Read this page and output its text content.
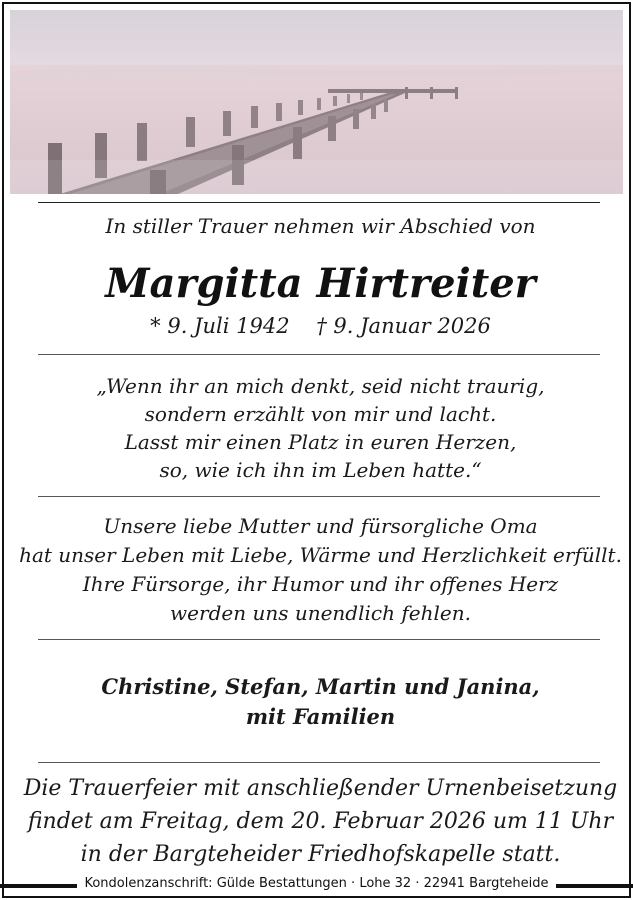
In stiller Trauer nehmen wir Abschied von
Margitta Hirtreiter
* 9. Juli 1942    † 9. Januar 2026
„Wenn ihr an mich denkt, seid nicht traurig,
sondern erzählt von mir und lacht.
Lasst mir einen Platz in euren Herzen,
so, wie ich ihn im Leben hatte.“
Unsere liebe Mutter und fürsorgliche Oma
hat unser Leben mit Liebe, Wärme und Herzlichkeit erfüllt.
Ihre Fürsorge, ihr Humor und ihr offenes Herz
werden uns unendlich fehlen.
Christine, Stefan, Martin und Janina,
mit Familien
Die Trauerfeier mit anschließender Urnenbeisetzung
findet am Freitag, dem 20. Februar 2026 um 11 Uhr
in der Bargteheider Friedhofskapelle statt.
Kondolenzanschrift: Gülde Bestattungen · Lohe 32 · 22941 Bargteheide
